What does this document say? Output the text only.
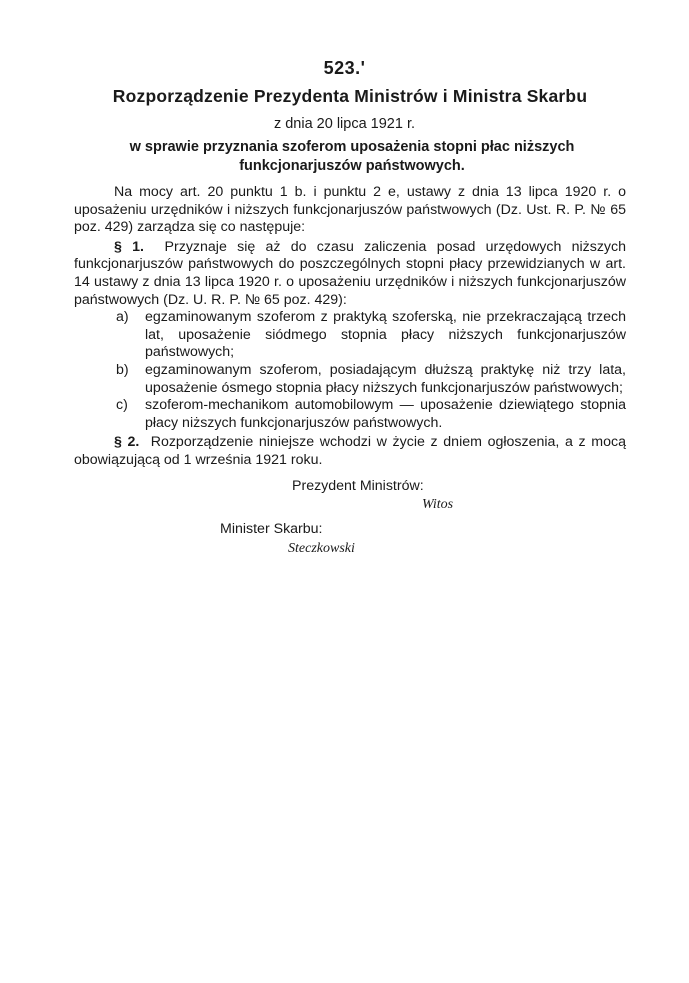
523.'
Rozporządzenie Prezydenta Ministrów i Ministra Skarbu
z dnia 20 lipca 1921 r.
w sprawie przyznania szoferom uposażenia stopni płac niższych funkcjonarjuszów państwowych.

Na mocy art. 20 punktu 1 b. i punktu 2 e, ustawy z dnia 13 lipca 1920 r. o uposażeniu urzędników i niższych funkcjonarjuszów państwowych (Dz. Ust. R. P. № 65 poz. 429) zarządza się co następuje:

§ 1. Przyznaje się aż do czasu zaliczenia posad urzędowych niższych funkcjonarjuszów państwowych do poszczególnych stopni płacy przewidzianych w art. 14 ustawy z dnia 13 lipca 1920 r. o uposażeniu urzędników i niższych funkcjonarjuszów państwowych (Dz. U. R. P. № 65 poz. 429):

a) egzaminowanym szoferom z praktyką szoferską, nie przekraczającą trzech lat, uposażenie siódmego stopnia płacy niższych funkcjonarjuszów państwowych;
b) egzaminowanym szoferom, posiadającym dłuższą praktykę niż trzy lata, uposażenie ósmego stopnia płacy niższych funkcjonarjuszów państwowych;
c) szoferom-mechanikom automobilowym — uposażenie dziewiątego stopnia płacy niższych funkcjonarjuszów państwowych.

§ 2. Rozporządzenie niniejsze wchodzi w życie z dniem ogłoszenia, a z mocą obowiązującą od 1 września 1921 roku.

Prezydent Ministrów:
Witos
Minister Skarbu:
Steczkowski
